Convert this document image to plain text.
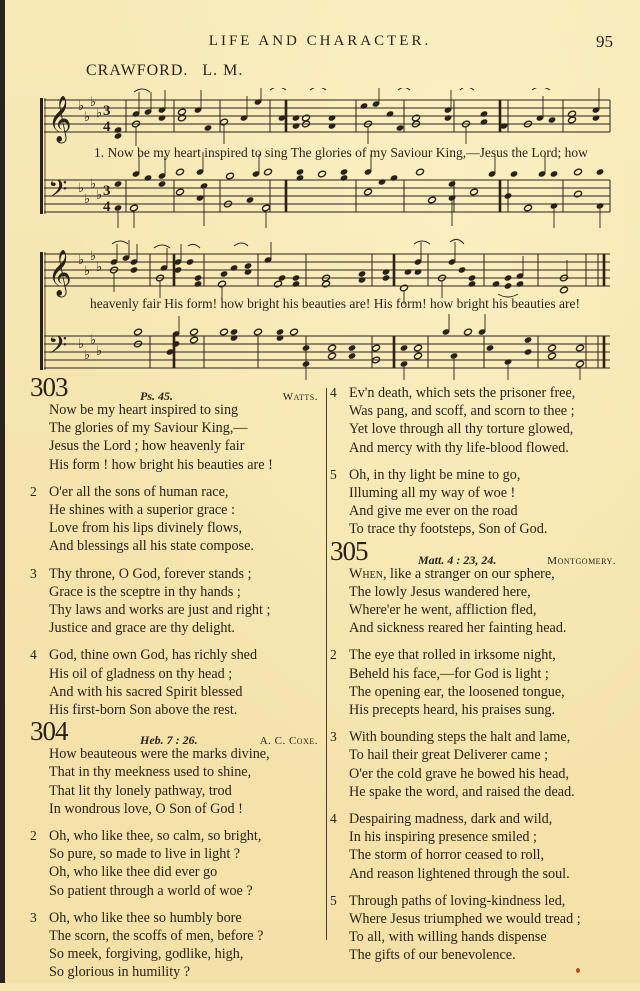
LIFE AND CHARACTER.	95
CRAWFORD. L. M.
𝄞
𝄢
♭
♭
♭
♭
♭
♭
♭
♭
3
4
3
4
1. Now be my heart inspired to sing The glories of my Saviour King,—Jesus the Lord; how
𝄞
𝄢
♭
♭
♭
♭
♭
♭
♭
♭
heavenly fair His form! how bright his beauties are! His form! how bright his beauties are!
303	Ps. 45.	Watts.
Now be my heart inspired to sing
The glories of my Saviour King,—
Jesus the Lord ; how heavenly fair
His form ! how bright his beauties are !
2 O'er all the sons of human race,
He shines with a superior grace :
Love from his lips divinely flows,
And blessings all his state compose.
3 Thy throne, O God, forever stands ;
Grace is the sceptre in thy hands ;
Thy laws and works are just and right ;
Justice and grace are thy delight.
4 God, thine own God, has richly shed
His oil of gladness on thy head ;
And with his sacred Spirit blessed
His first-born Son above the rest.
304	Heb. 7 : 26.	A. C. Coxe.
How beauteous were the marks divine,
That in thy meekness used to shine,
That lit thy lonely pathway, trod
In wondrous love, O Son of God !
2 Oh, who like thee, so calm, so bright,
So pure, so made to live in light ?
Oh, who like thee did ever go
So patient through a world of woe ?
3 Oh, who like thee so humbly bore
The scorn, the scoffs of men, before ?
So meek, forgiving, godlike, high,
So glorious in humility ?
4 Ev'n death, which sets the prisoner free,
Was pang, and scoff, and scorn to thee ;
Yet love through all thy torture glowed,
And mercy with thy life-blood flowed.
5 Oh, in thy light be mine to go,
Illuming all my way of woe !
And give me ever on the road
To trace thy footsteps, Son of God.
305	Matt. 4 : 23, 24.	Montgomery.
When, like a stranger on our sphere,
The lowly Jesus wandered here,
Where'er he went, affliction fled,
And sickness reared her fainting head.
2 The eye that rolled in irksome night,
Beheld his face,—for God is light ;
The opening ear, the loosened tongue,
His precepts heard, his praises sung.
3 With bounding steps the halt and lame,
To hail their great Deliverer came ;
O'er the cold grave he bowed his head,
He spake the word, and raised the dead.
4 Despairing madness, dark and wild,
In his inspiring presence smiled ;
The storm of horror ceased to roll,
And reason lightened through the soul.
5 Through paths of loving-kindness led,
Where Jesus triumphed we would tread ;
To all, with willing hands dispense
The gifts of our benevolence.
